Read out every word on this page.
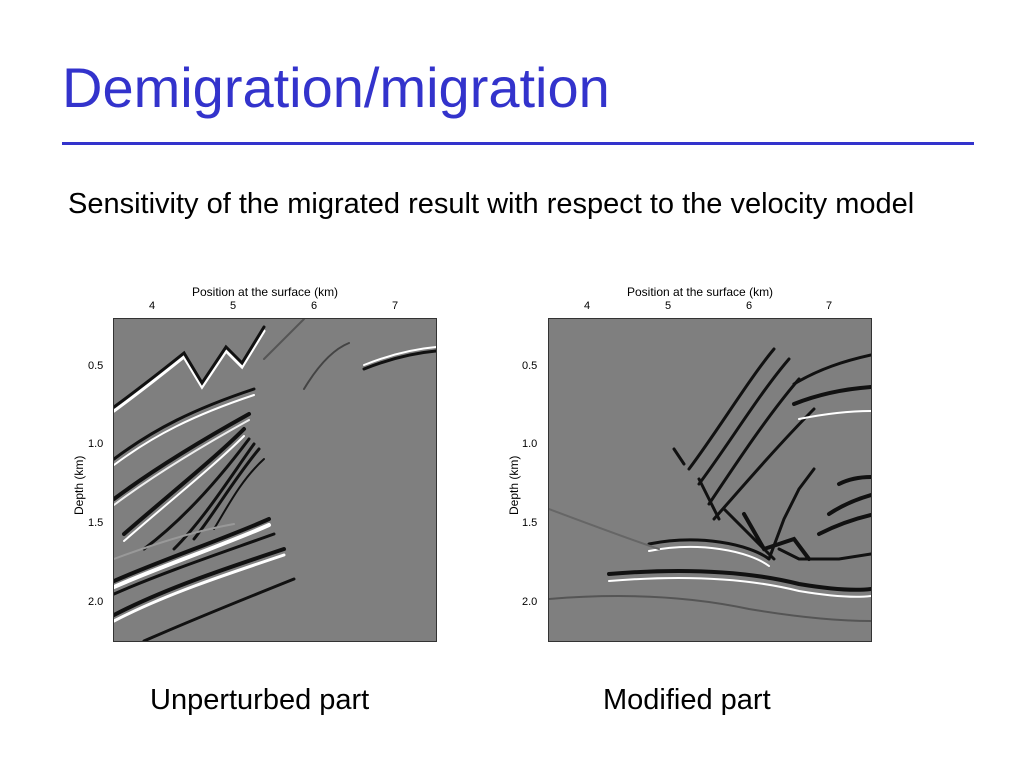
Demigration/migration

Sensitivity of the migrated result with respect to the velocity model

Position at the surface (km)
4	5	6	7
0.5
1.0
1.5
2.0
Depth (km)
Unperturbed part
Position at the surface (km)
4	5	6	7
0.5
1.0
1.5
2.0
Depth (km)
Modified part
